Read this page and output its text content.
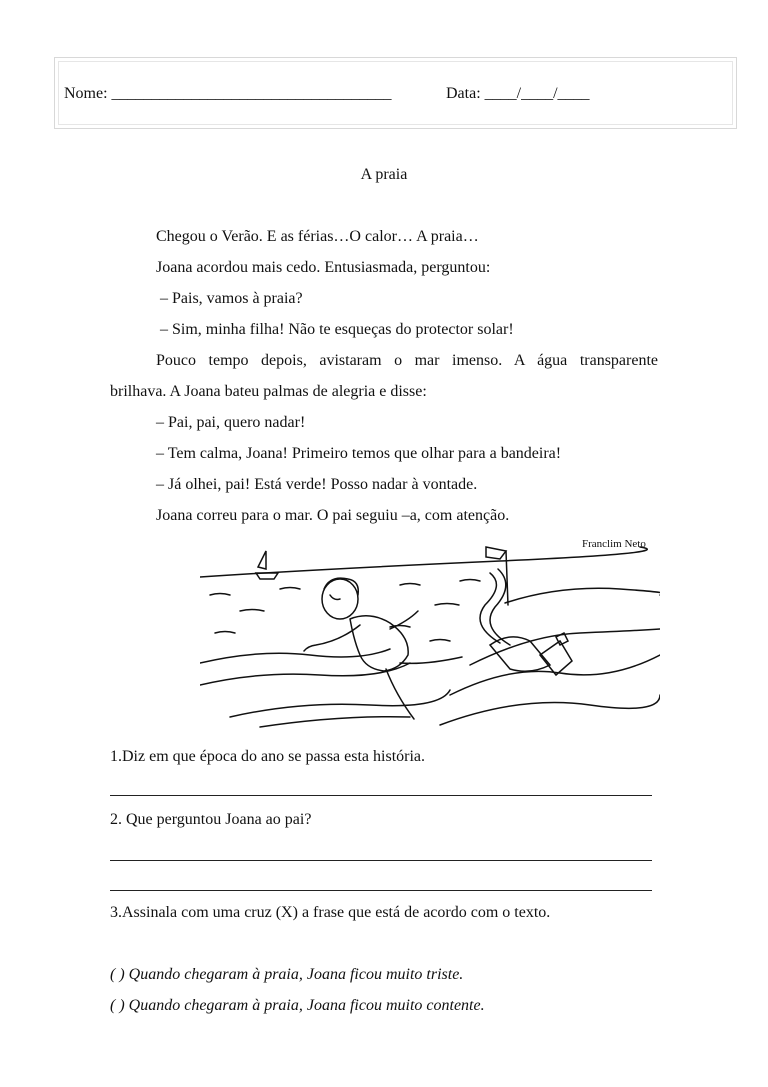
Nome: ___________________________________	Data: ____/____/____
A praia
Chegou o Verão. E as férias…O calor… A praia…
Joana acordou mais cedo. Entusiasmada, perguntou:
– Pais, vamos à praia?
– Sim, minha filha! Não te esqueças do protector solar!
Pouco tempo depois, avistaram o mar imenso. A água transparente
brilhava. A Joana bateu palmas de alegria e disse:
– Pai, pai, quero nadar!
– Tem calma, Joana! Primeiro temos que olhar para a bandeira!
– Já olhei, pai! Está verde! Posso nadar à vontade.
Joana correu para o mar. O pai seguiu –a, com atenção.
Franclim Neto
1.Diz em que época do ano se passa esta história.
2. Que perguntou Joana ao pai?
3.Assinala com uma cruz (X) a frase que está de acordo com o texto.
( ) Quando chegaram à praia, Joana ficou muito triste.
( ) Quando chegaram à praia, Joana ficou muito contente.
